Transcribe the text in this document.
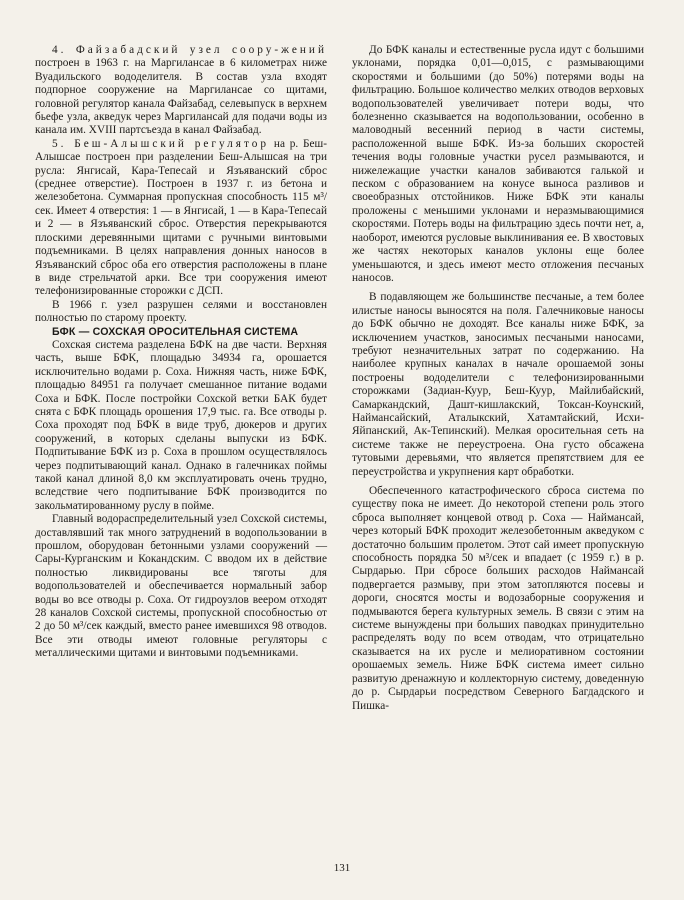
4. Файзабадский узел соору-жений построен в 1963 г. на Маргилансае в 6 километрах ниже Вуадильского вододелителя. В состав узла входят подпорное сооружение на Маргилансае со щитами, головной регулятор канала Файзабад, селевыпуск в верхнем бьефе узла, акведук через Маргилансай для подачи воды из канала им. XVIII партсъезда в канал Файзабад.

5. Беш-Алышский регулятор на р. Беш-Алышсае построен при разделении Беш-Алышсая на три русла: Янгисай, Кара-Тепесай и Язъяванский сброс (среднее отверстие). Построен в 1937 г. из бетона и железобетона. Суммарная пропускная способность 115 м³/сек. Имеет 4 отверстия: 1 — в Янгисай, 1 — в Кара-Тепесай и 2 — в Язъяванский сброс. Отверстия перекрываются плоскими деревянными щитами с ручными винтовыми подъемниками. В целях направления донных наносов в Язъяванский сброс оба его отверстия расположены в плане в виде стрельчатой арки. Все три сооружения имеют телефонизированные сторожки с ДСП.

В 1966 г. узел разрушен селями и восстановлен полностью по старому проекту.

БФК — СОХСКАЯ ОРОСИТЕЛЬНАЯ СИСТЕМА

Сохская система разделена БФК на две части. Верхняя часть, выше БФК, площадью 34934 га, орошается исключительно водами р. Соха. Нижняя часть, ниже БФК, площадью 84951 га получает смешанное питание водами Соха и БФК. После постройки Сохской ветки БАК будет снята с БФК площадь орошения 17,9 тыс. га. Все отводы р. Соха проходят под БФК в виде труб, дюкеров и других сооружений, в которых сделаны выпуски из БФК. Подпитывание БФК из р. Соха в прошлом осуществлялось через подпитывающий канал. Однако в галечниках поймы такой канал длиной 8,0 км эксплуатировать очень трудно, вследствие чего подпитывание БФК производится по закольматированному руслу в пойме.

Главный водораспределительный узел Сохской системы, доставлявший так много затруднений в водопользовании в прошлом, оборудован бетонными узлами сооружений — Сары-Курганским и Кокандским. С вводом их в действие полностью ликвидированы все тяготы для водопользователей и обеспечивается нормальный забор воды во все отводы р. Соха. От гидроузлов веером отходят 28 каналов Сохской системы, пропускной способностью от 2 до 50 м³/сек каждый, вместо ранее имевшихся 98 отводов. Все эти отводы имеют головные регуляторы с металлическими щитами и винтовыми подъемниками.

До БФК каналы и естественные русла идут с большими уклонами, порядка 0,01—0,015, с размывающими скоростями и большими (до 50%) потерями воды на фильтрацию. Большое количество мелких отводов верховых водопользователей увеличивает потери воды, что болезненно сказывается на водопользовании, особенно в маловодный весенний период в части системы, расположенной выше БФК. Из-за больших скоростей течения воды головные участки русел размываются, и нижележащие участки каналов забиваются галькой и песком с образованием на конусе выноса разливов и своеобразных отстойников. Ниже БФК эти каналы проложены с меньшими уклонами и неразмывающимися скоростями. Потерь воды на фильтрацию здесь почти нет, а, наоборот, имеются русловые выклинивания ее. В хвостовых же частях некоторых каналов уклоны еще более уменьшаются, и здесь имеют место отложения песчаных наносов.

В подавляющем же большинстве песчаные, а тем более илистые наносы выносятся на поля. Галечниковые наносы до БФК обычно не доходят. Все каналы ниже БФК, за исключением участков, заносимых песчаными наносами, требуют незначительных затрат по содержанию. На наиболее крупных каналах в начале орошаемой зоны построены вододелители с телефонизированными сторожками (Задиан-Куур, Беш-Куур, Майлибайский, Самаркандский, Дашт-кишлакский, Токсан-Коунский, Наймансайский, Аталыкский, Хатамтайский, Исхи-Яйпанский, Ак-Тепинский). Мелкая оросительная сеть на системе также не переустроена. Она густо обсажена тутовыми деревьями, что является препятствием для ее переустройства и укрупнения карт обработки.

Обеспеченного катастрофического сброса система по существу пока не имеет. До некоторой степени роль этого сброса выполняет концевой отвод р. Соха — Найманcай, через который БФК проходит железобетонным акведуком с достаточно большим пролетом. Этот сай имеет пропускную способность порядка 50 м³/сек и впадает (с 1959 г.) в р. Сырдарью. При сбросе больших расходов Найманcай подвергается размыву, при этом затопляются посевы и дороги, сносятся мосты и водозаборные сооружения и подмываются берега культурных земель. В связи с этим на системе вынуждены при больших паводках принудительно распределять воду по всем отводам, что отрицательно сказывается на их русле и мелиоративном состоянии орошаемых земель. Ниже БФК система имеет сильно развитую дренажную и коллекторную систему, доведенную до р. Сырдарьи посредством Северного Багдадского и Пишка-

131
